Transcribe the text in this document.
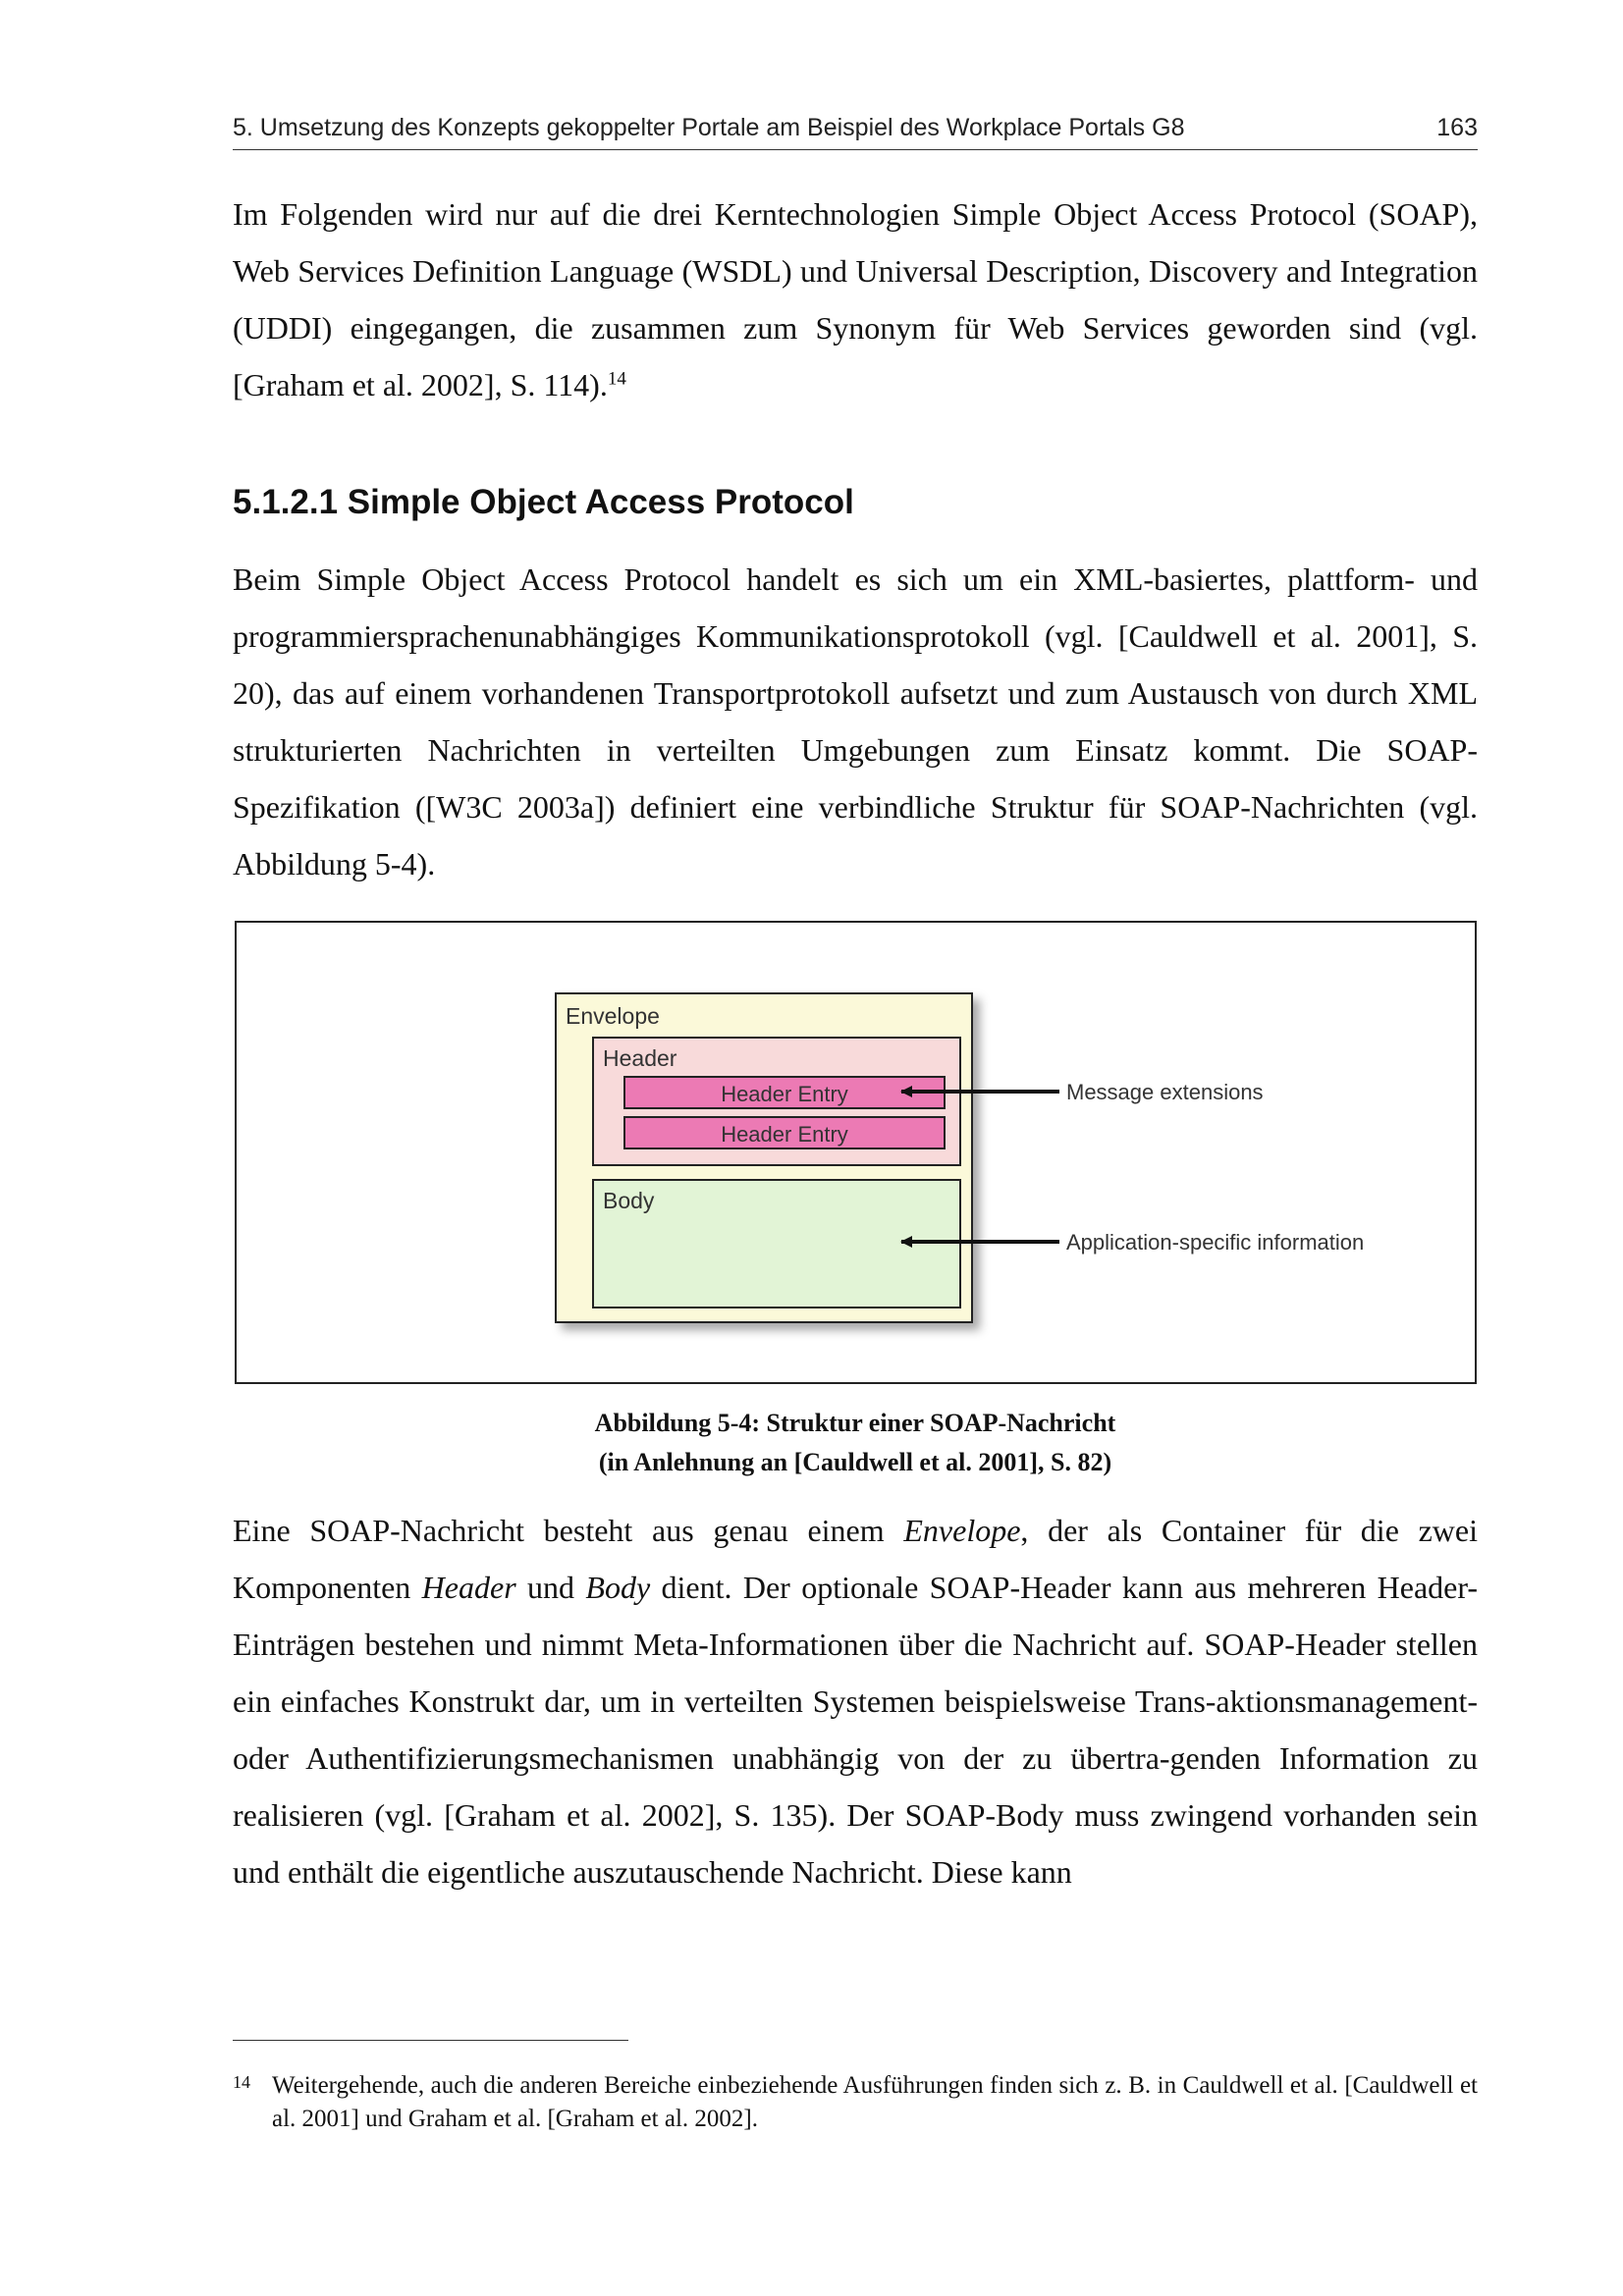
5. Umsetzung des Konzepts gekoppelter Portale am Beispiel des Workplace Portals G8	163
Im Folgenden wird nur auf die drei Kerntechnologien Simple Object Access Protocol (SOAP), Web Services Definition Language (WSDL) und Universal Description, Discovery and Integration (UDDI) eingegangen, die zusammen zum Synonym für Web Services geworden sind (vgl. [Graham et al. 2002], S. 114).$^{14}$
5.1.2.1 Simple Object Access Protocol
Beim Simple Object Access Protocol handelt es sich um ein XML-basiertes, plattform- und programmiersprachenunabhängiges Kommunikationsprotokoll (vgl. [Cauldwell et al. 2001], S. 20), das auf einem vorhandenen Transportprotokoll aufsetzt und zum Austausch von durch XML strukturierten Nachrichten in verteilten Umgebungen zum Einsatz kommt. Die SOAP-Spezifikation ([W3C 2003a]) definiert eine verbindliche Struktur für SOAP-Nachrichten (vgl. Abbildung 5-4).
Envelope
Header
Header Entry
Header Entry
Body
Message extensions
Application-specific information
Abbildung 5-4: Struktur einer SOAP-Nachricht
(in Anlehnung an [Cauldwell et al. 2001], S. 82)
Eine SOAP-Nachricht besteht aus genau einem Envelope, der als Container für die zwei Komponenten Header und Body dient. Der optionale SOAP-Header kann aus mehreren Header-Einträgen bestehen und nimmt Meta-Informationen über die Nachricht auf. SOAP-Header stellen ein einfaches Konstrukt dar, um in verteilten Systemen beispielsweise Trans-aktionsmanagement- oder Authentifizierungsmechanismen unabhängig von der zu übertra-genden Information zu realisieren (vgl. [Graham et al. 2002], S. 135). Der SOAP-Body muss zwingend vorhanden sein und enthält die eigentliche auszutauschende Nachricht. Diese kann
14 Weitergehende, auch die anderen Bereiche einbeziehende Ausführungen finden sich z. B. in Cauldwell et al. [Cauldwell et al. 2001] und Graham et al. [Graham et al. 2002].
